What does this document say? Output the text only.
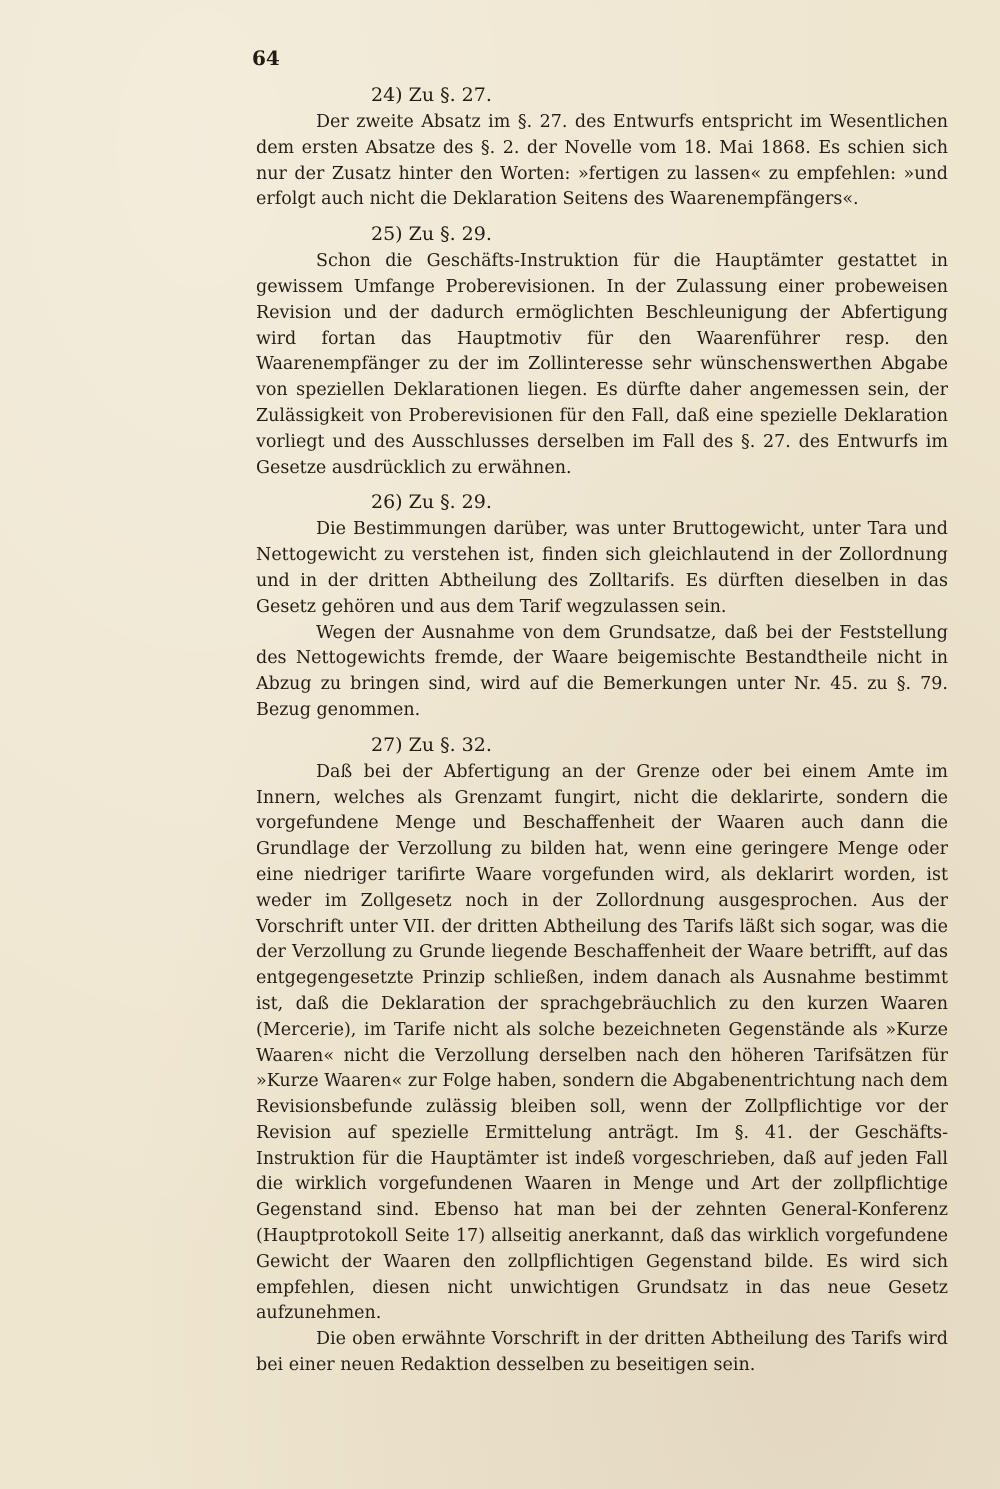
64

24) Zu §. 27.

Der zweite Absatz im §. 27. des Entwurfs entspricht im Wesentlichen dem ersten Absatze des §. 2. der Novelle vom 18. Mai 1868. Es schien sich nur der Zusatz hinter den Worten: »fertigen zu lassen« zu empfehlen: »und erfolgt auch nicht die Deklaration Seitens des Waarenempfängers«.

25) Zu §. 29.

Schon die Geschäfts-Instruktion für die Hauptämter gestattet in gewissem Umfange Proberevisionen. In der Zulassung einer probeweisen Revision und der dadurch ermöglichten Beschleunigung der Abfertigung wird fortan das Hauptmotiv für den Waarenführer resp. den Waarenempfänger zu der im Zollinteresse sehr wünschenswerthen Abgabe von speziellen Deklarationen liegen. Es dürfte daher angemessen sein, der Zulässigkeit von Proberevisionen für den Fall, daß eine spezielle Deklaration vorliegt und des Ausschlusses derselben im Fall des §. 27. des Entwurfs im Gesetze ausdrücklich zu erwähnen.

26) Zu §. 29.

Die Bestimmungen darüber, was unter Bruttogewicht, unter Tara und Nettogewicht zu verstehen ist, finden sich gleichlautend in der Zollordnung und in der dritten Abtheilung des Zolltarifs. Es dürften dieselben in das Gesetz gehören und aus dem Tarif wegzulassen sein.

Wegen der Ausnahme von dem Grundsatze, daß bei der Feststellung des Nettogewichts fremde, der Waare beigemischte Bestandtheile nicht in Abzug zu bringen sind, wird auf die Bemerkungen unter Nr. 45. zu §. 79. Bezug genommen.

27) Zu §. 32.

Daß bei der Abfertigung an der Grenze oder bei einem Amte im Innern, welches als Grenzamt fungirt, nicht die deklarirte, sondern die vorgefundene Menge und Beschaffenheit der Waaren auch dann die Grundlage der Verzollung zu bilden hat, wenn eine geringere Menge oder eine niedriger tarifirte Waare vorgefunden wird, als deklarirt worden, ist weder im Zollgesetz noch in der Zollordnung ausgesprochen. Aus der Vorschrift unter VII. der dritten Abtheilung des Tarifs läßt sich sogar, was die der Verzollung zu Grunde liegende Beschaffenheit der Waare betrifft, auf das entgegengesetzte Prinzip schließen, indem danach als Ausnahme bestimmt ist, daß die Deklaration der sprachgebräuchlich zu den kurzen Waaren (Mercerie), im Tarife nicht als solche bezeichneten Gegenstände als »Kurze Waaren« nicht die Verzollung derselben nach den höheren Tarifsätzen für »Kurze Waaren« zur Folge haben, sondern die Abgabenentrichtung nach dem Revisionsbefunde zulässig bleiben soll, wenn der Zollpflichtige vor der Revision auf spezielle Ermittelung anträgt. Im §. 41. der Geschäfts-Instruktion für die Hauptämter ist indeß vorgeschrieben, daß auf jeden Fall die wirklich vorgefundenen Waaren in Menge und Art der zollpflichtige Gegenstand sind. Ebenso hat man bei der zehnten General-Konferenz (Hauptprotokoll Seite 17) allseitig anerkannt, daß das wirklich vorgefundene Gewicht der Waaren den zollpflichtigen Gegenstand bilde. Es wird sich empfehlen, diesen nicht unwichtigen Grundsatz in das neue Gesetz aufzunehmen.

Die oben erwähnte Vorschrift in der dritten Abtheilung des Tarifs wird bei einer neuen Redaktion desselben zu beseitigen sein.
